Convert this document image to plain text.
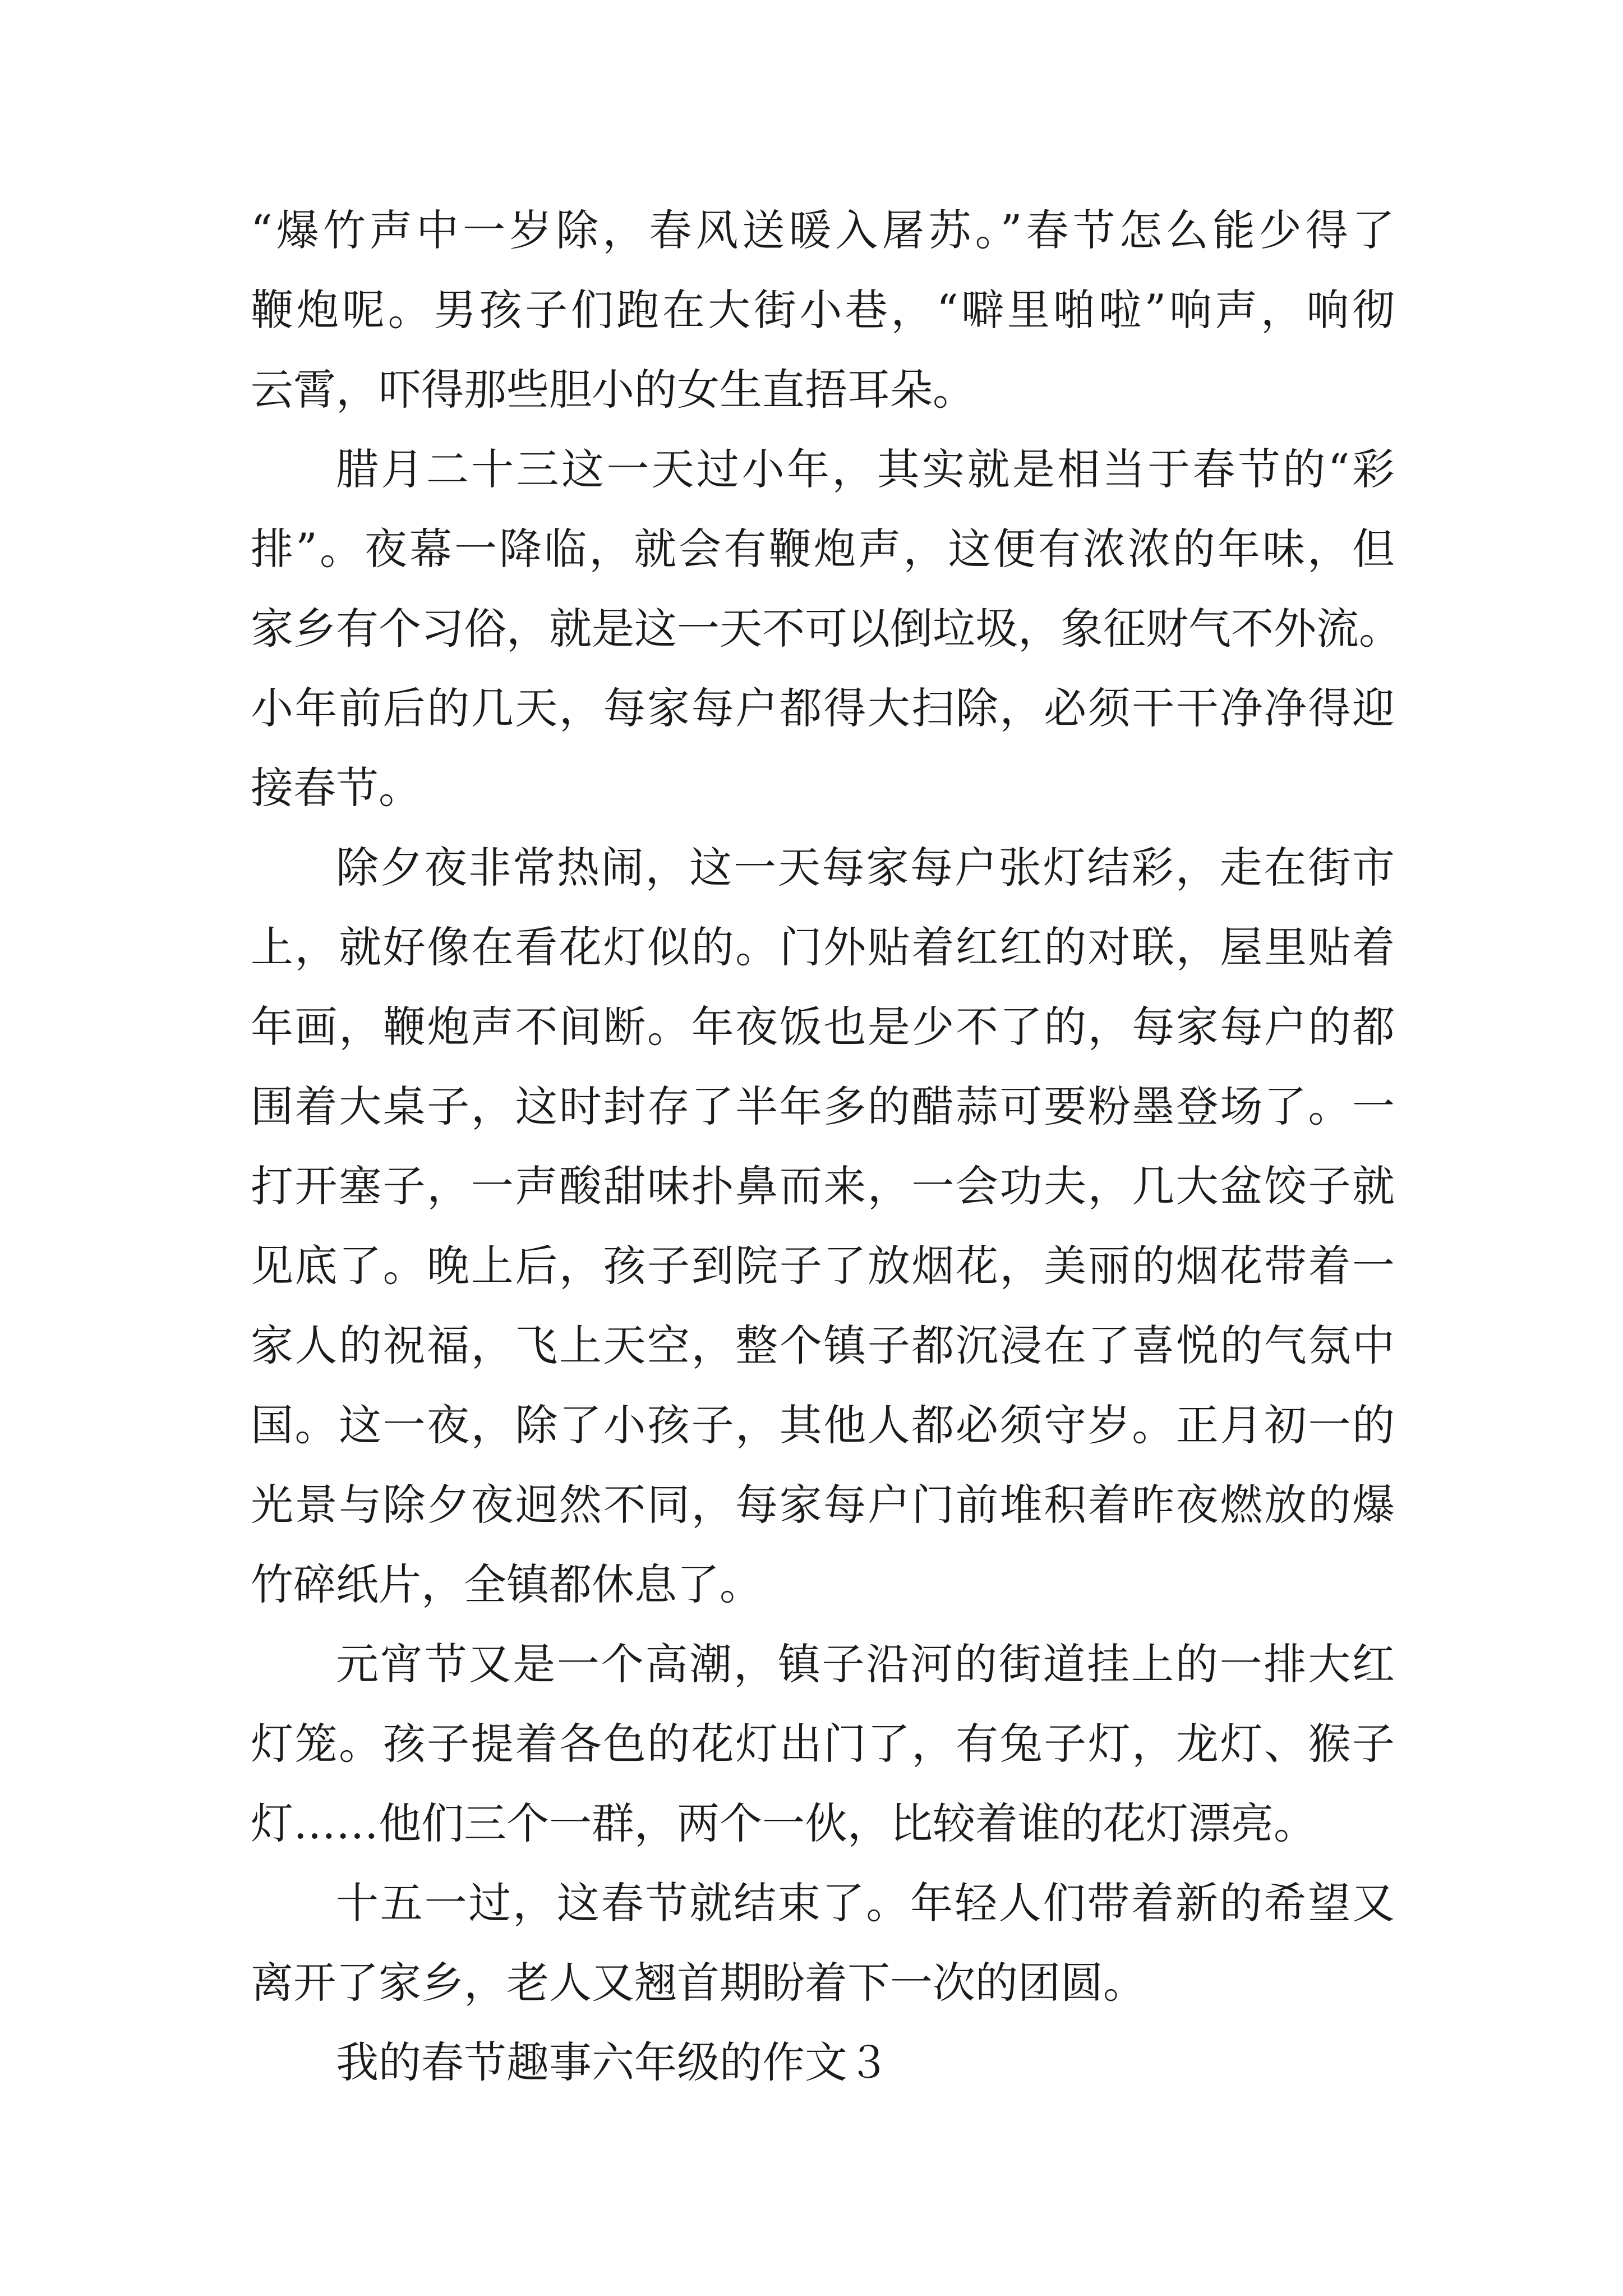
“爆竹声中一岁除，春风送暖入屠苏。”春节怎么能少得了
鞭炮呢。男孩子们跑在大街小巷，“噼里啪啦”响声，响彻
云霄，吓得那些胆小的女生直捂耳朵。
腊月二十三这一天过小年，其实就是相当于春节的“彩
排”。夜幕一降临，就会有鞭炮声，这便有浓浓的年味，但
家乡有个习俗，就是这一天不可以倒垃圾，象征财气不外流。
小年前后的几天，每家每户都得大扫除，必须干干净净得迎
接春节。
除夕夜非常热闹，这一天每家每户张灯结彩，走在街市
上，就好像在看花灯似的。门外贴着红红的对联，屋里贴着
年画，鞭炮声不间断。年夜饭也是少不了的，每家每户的都
围着大桌子，这时封存了半年多的醋蒜可要粉墨登场了。一
打开塞子，一声酸甜味扑鼻而来，一会功夫，几大盆饺子就
见底了。晚上后，孩子到院子了放烟花，美丽的烟花带着一
家人的祝福，飞上天空，整个镇子都沉浸在了喜悦的气氛中
国。这一夜，除了小孩子，其他人都必须守岁。正月初一的
光景与除夕夜迥然不同，每家每户门前堆积着昨夜燃放的爆
竹碎纸片，全镇都休息了。
元宵节又是一个高潮，镇子沿河的街道挂上的一排大红
灯笼。孩子提着各色的花灯出门了，有兔子灯，龙灯、猴子
灯……他们三个一群，两个一伙，比较着谁的花灯漂亮。
十五一过，这春节就结束了。年轻人们带着新的希望又
离开了家乡，老人又翘首期盼着下一次的团圆。
我的春节趣事六年级的作文３
